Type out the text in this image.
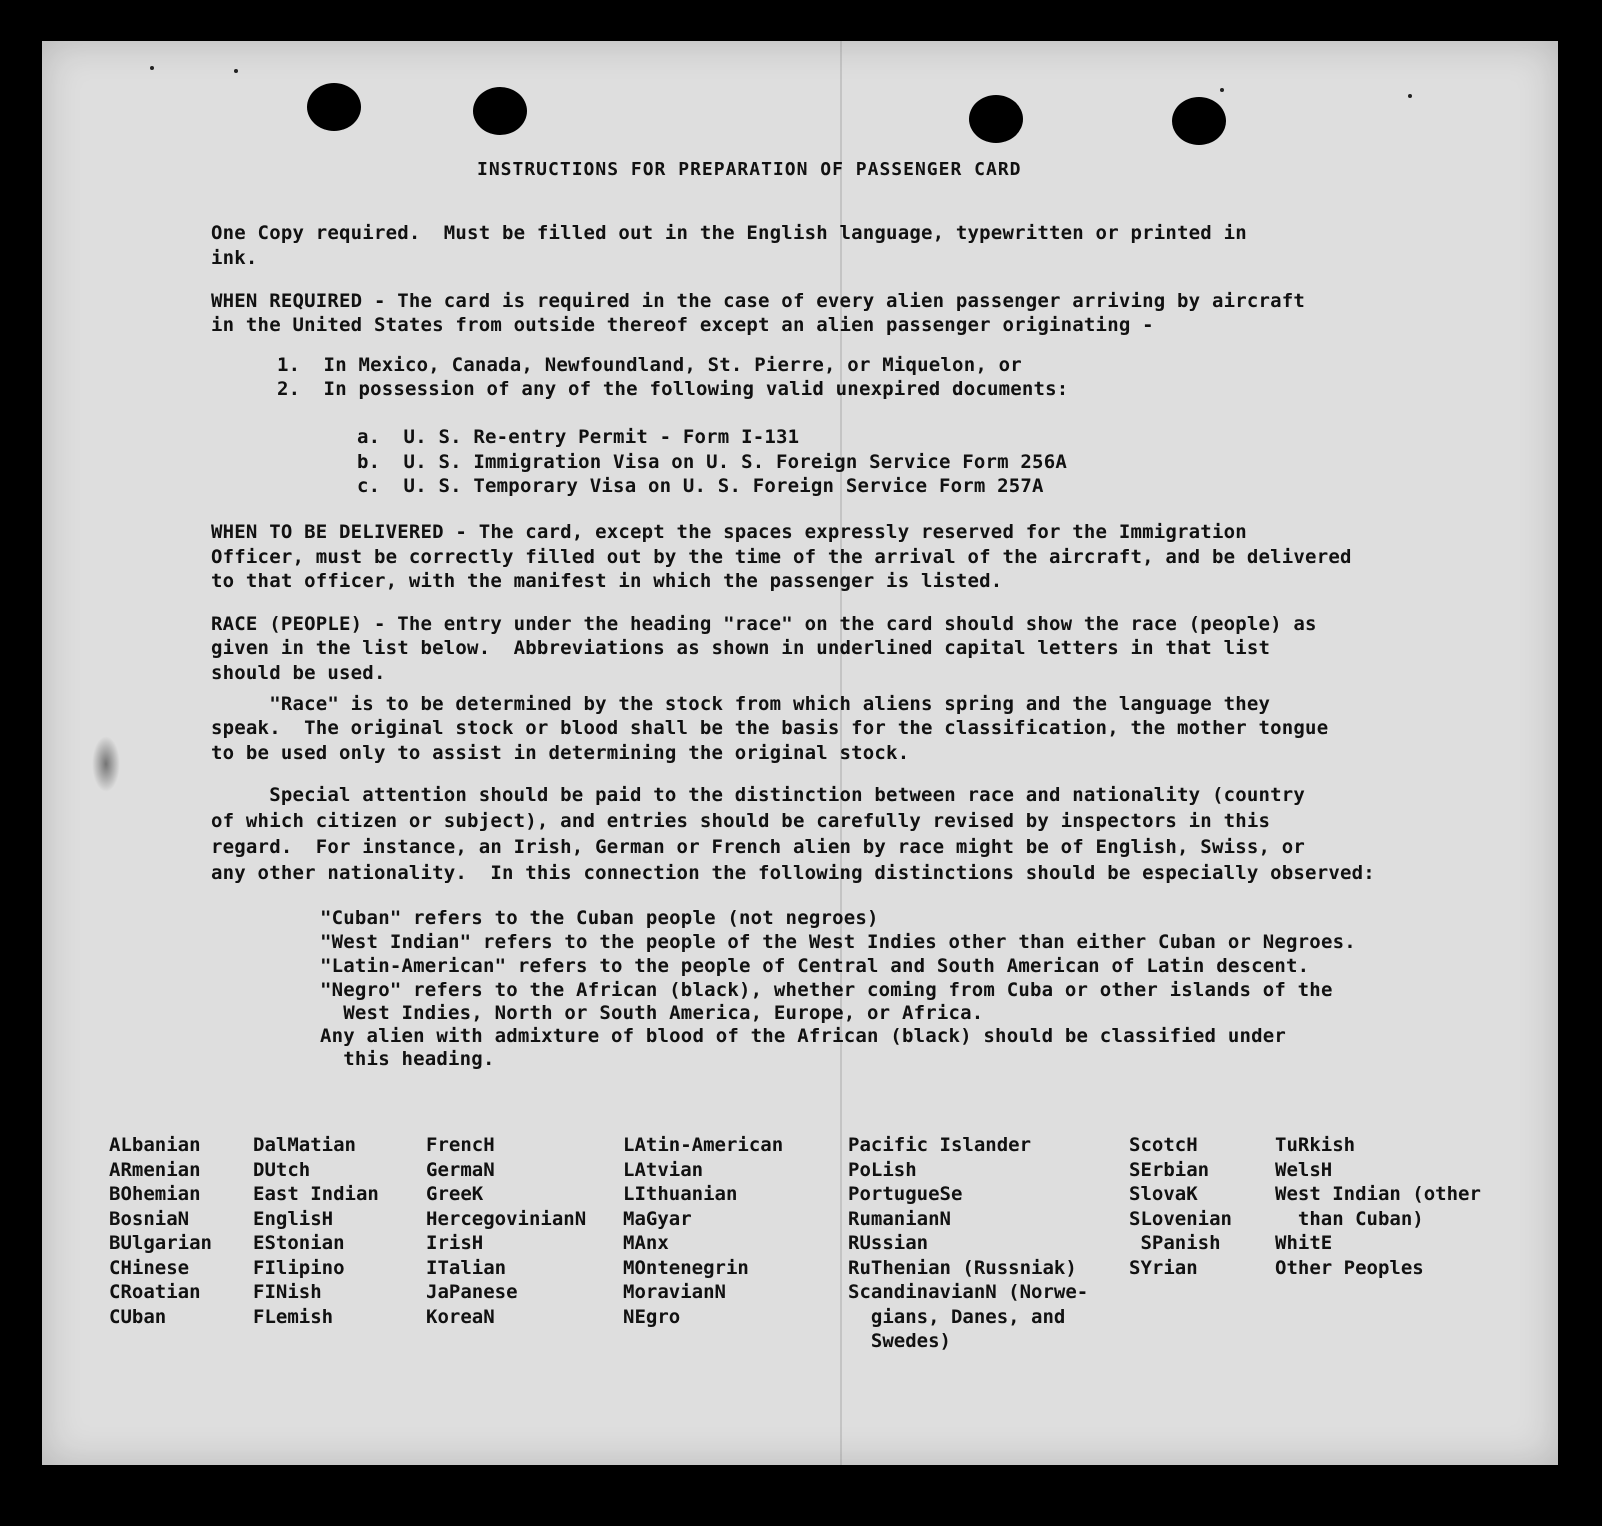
INSTRUCTIONS FOR PREPARATION OF PASSENGER CARD
One Copy required.  Must be filled out in the English language, typewritten or printed in
ink.
WHEN REQUIRED - The card is required in the case of every alien passenger arriving by aircraft
in the United States from outside thereof except an alien passenger originating -
1.  In Mexico, Canada, Newfoundland, St. Pierre, or Miquelon, or
2.  In possession of any of the following valid unexpired documents:
a.  U. S. Re-entry Permit - Form I-131
b.  U. S. Immigration Visa on U. S. Foreign Service Form 256A
c.  U. S. Temporary Visa on U. S. Foreign Service Form 257A
WHEN TO BE DELIVERED - The card, except the spaces expressly reserved for the Immigration
Officer, must be correctly filled out by the time of the arrival of the aircraft, and be delivered
to that officer, with the manifest in which the passenger is listed.
RACE (PEOPLE) - The entry under the heading "race" on the card should show the race (people) as
given in the list below.  Abbreviations as shown in underlined capital letters in that list
should be used.
"Race" is to be determined by the stock from which aliens spring and the language they
speak.  The original stock or blood shall be the basis for the classification, the mother tongue
to be used only to assist in determining the original stock.
Special attention should be paid to the distinction between race and nationality (country
of which citizen or subject), and entries should be carefully revised by inspectors in this
regard.  For instance, an Irish, German or French alien by race might be of English, Swiss, or
any other nationality.  In this connection the following distinctions should be especially observed:
"Cuban" refers to the Cuban people (not negroes)
"West Indian" refers to the people of the West Indies other than either Cuban or Negroes.
"Latin-American" refers to the people of Central and South American of Latin descent.
"Negro" refers to the African (black), whether coming from Cuba or other islands of the
West Indies, North or South America, Europe, or Africa.
Any alien with admixture of blood of the African (black) should be classified under
this heading.
ALbanian
ARmenian
BOhemian
BosniaN
BUlgarian
CHinese
CRoatian
CUban
DalMatian
DUtch
East Indian
EnglisH
EStonian
FIlipino
FINish
FLemish
FrencH
GermaN
GreeK
HercegovinianN
IrisH
ITalian
JaPanese
KoreaN
LAtin-American
LAtvian
LIthuanian
MaGyar
MAnx
MOntenegrin
MoravianN
NEgro
Pacific Islander
PoLish
PortugueSe
RumanianN
RUssian
RuThenian (Russniak)
ScandinavianN (Norwe-
gians, Danes, and
Swedes)
ScotcH
SErbian
SlovaK
SLovenian
SPanish
SYrian
TuRkish
WelsH
West Indian (other
than Cuban)
WhitE
Other Peoples
